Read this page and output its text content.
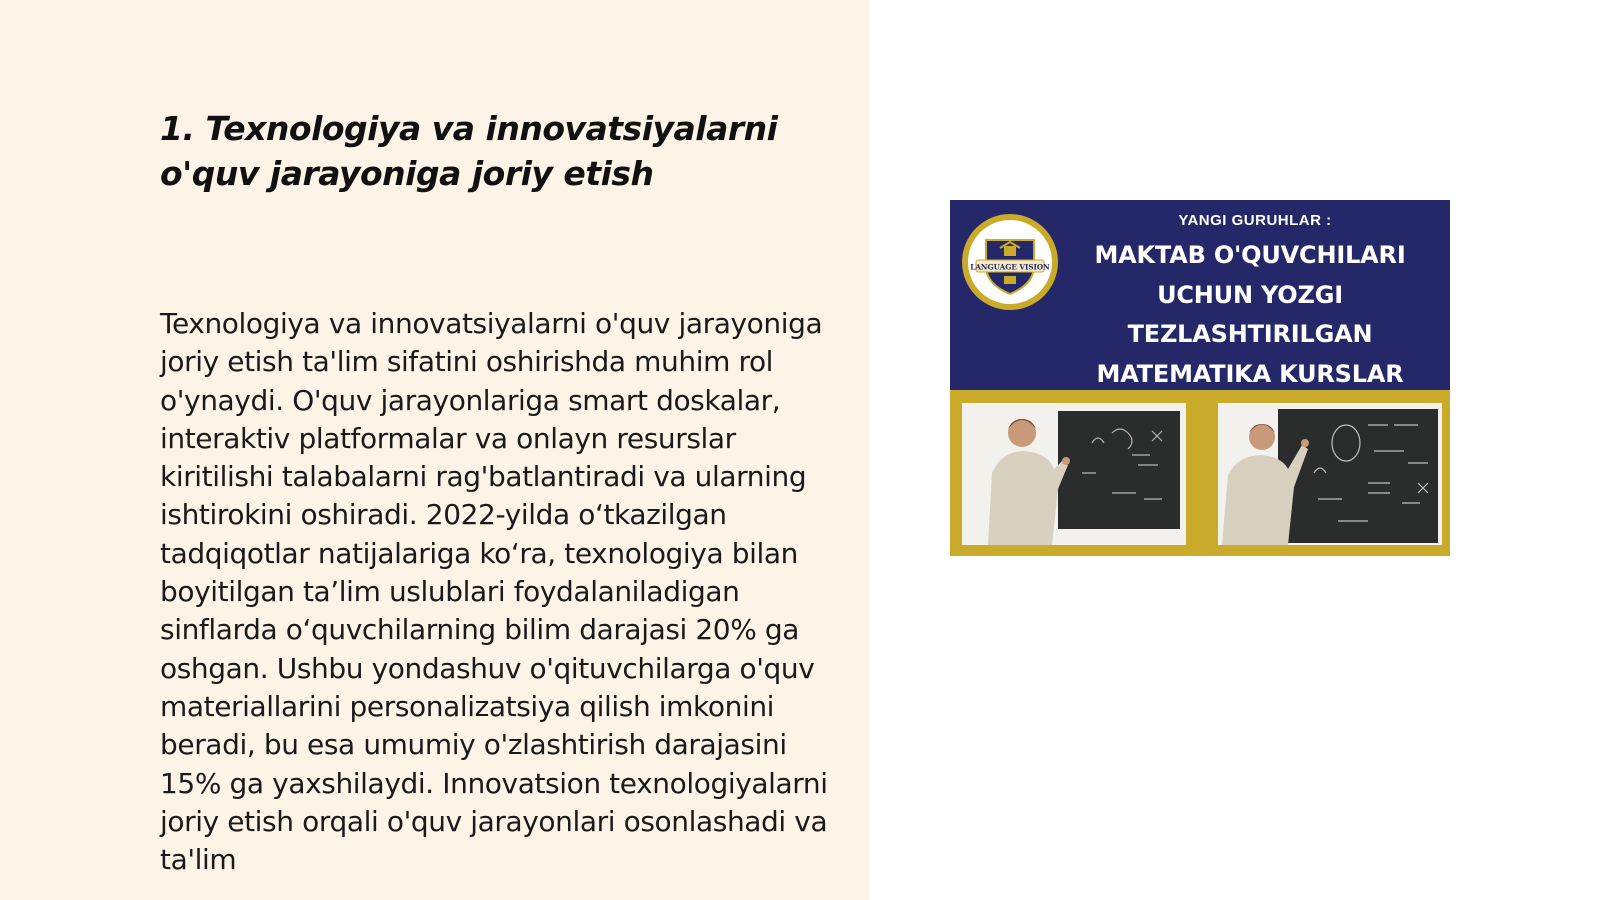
1. Texnologiya va innovatsiyalarni o'quv jarayoniga joriy etish

Texnologiya va innovatsiyalarni o'quv jarayoniga joriy etish ta'lim sifatini oshirishda muhim rol o'ynaydi. O'quv jarayonlariga smart doskalar, interaktiv platformalar va onlayn resurslar kiritilishi talabalarni rag'batlantiradi va ularning ishtirokini oshiradi. 2022-yilda o‘tkazilgan tadqiqotlar natijalariga ko‘ra, texnologiya bilan boyitilgan ta’lim uslublari foydalaniladigan sinflarda o‘quvchilarning bilim darajasi 20% ga oshgan. Ushbu yondashuv o'qituvchilarga o'quv materiallarini personalizatsiya qilish imkonini beradi, bu esa umumiy o'zlashtirish darajasini 15% ga yaxshilaydi. Innovatsion texnologiyalarni joriy etish orqali o'quv jarayonlari osonlashadi va ta'lim

LANGUAGE VISION
YANGI GURUHLAR :
MAKTAB O'QUVCHILARI
UCHUN YOZGI
TEZLASHTIRILGAN
MATEMATIKA KURSLAR
